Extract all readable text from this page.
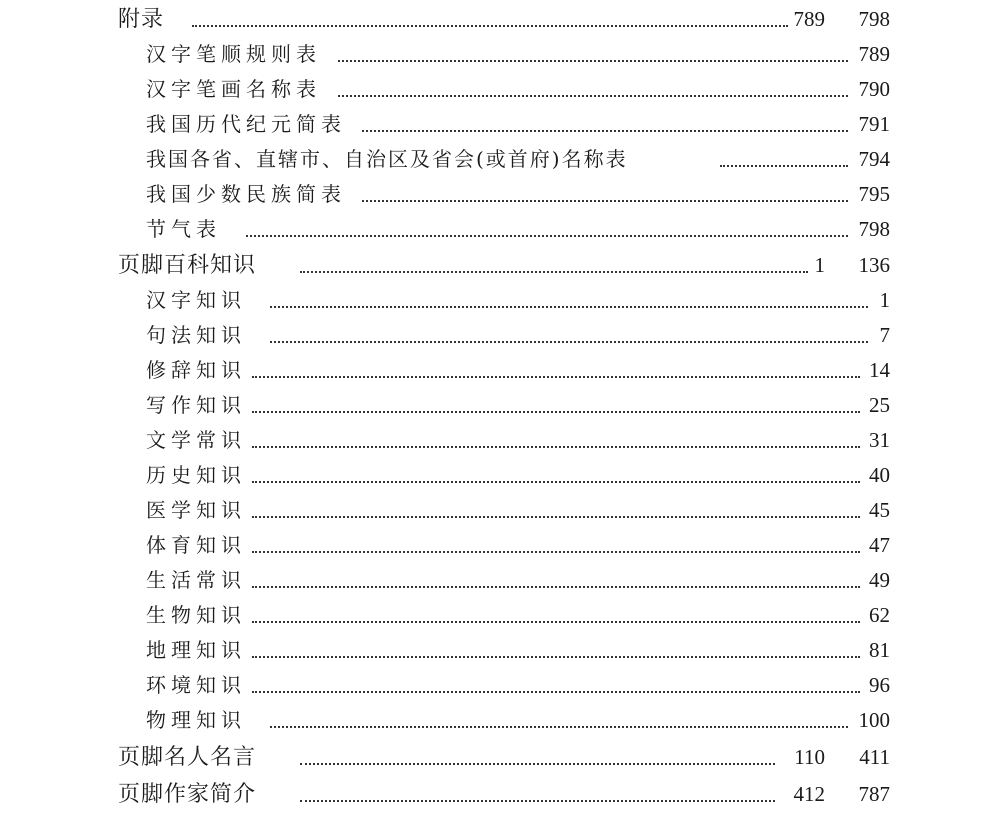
附录	789 798
汉字笔顺规则表	789
汉字笔画名称表	790
我国历代纪元简表	791
我国各省、直辖市、自治区及省会(或首府)名称表	794
我国少数民族简表	795
节气表	798
页脚百科知识	1 136
汉字知识	1
句法知识	7
修辞知识	14
写作知识	25
文学常识	31
历史知识	40
医学知识	45
体育知识	47
生活常识	49
生物知识	62
地理知识	81
环境知识	96
物理知识	100
页脚名人名言	110 411
页脚作家简介	412 787
